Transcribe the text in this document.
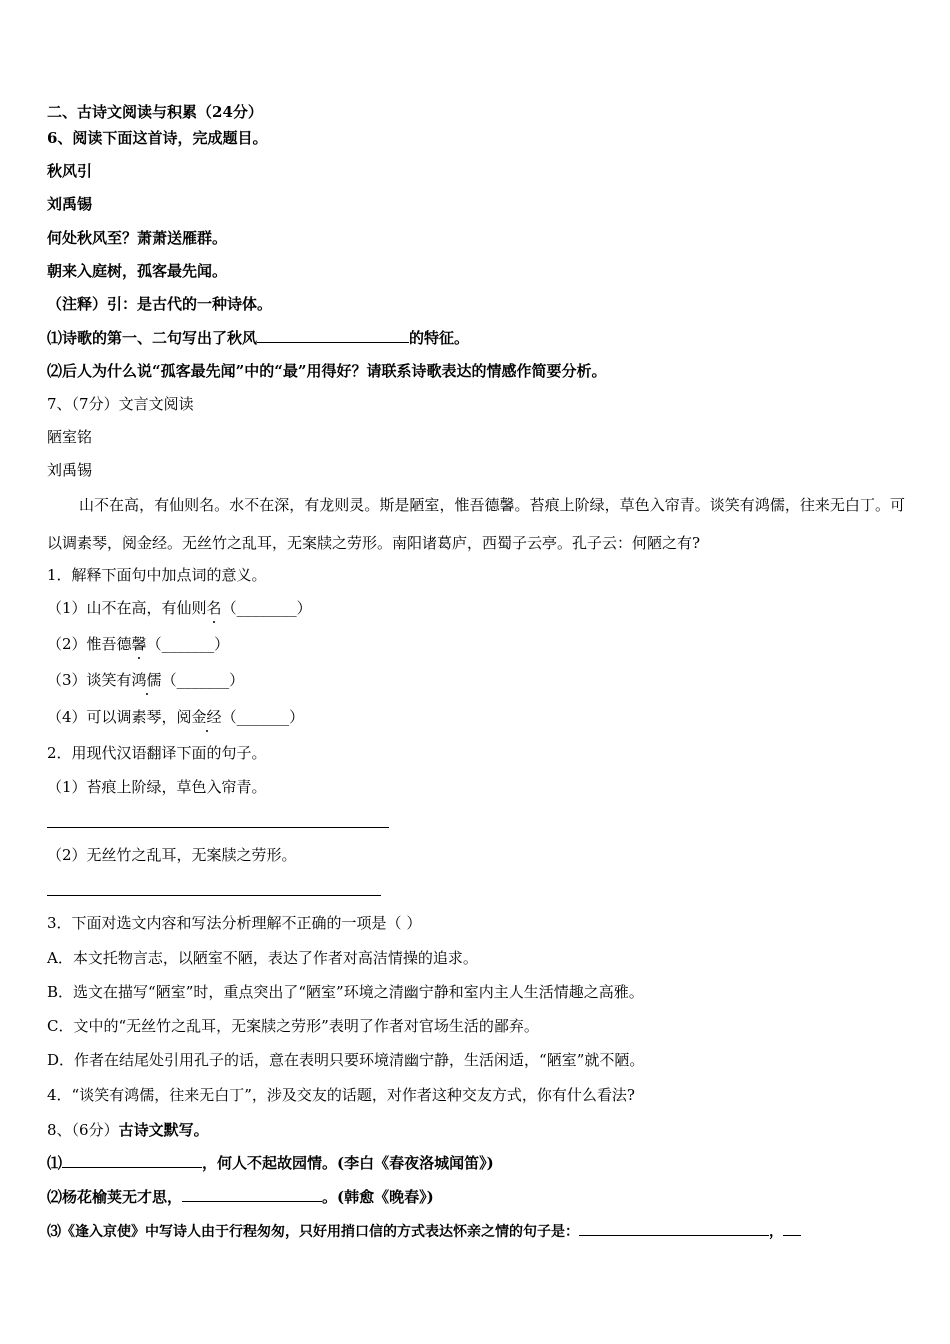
二、古诗文阅读与积累（24分）
6、阅读下面这首诗，完成题目。
秋风引
刘禹锡
何处秋风至？萧萧送雁群。
朝来入庭树，孤客最先闻。
（注释）引：是古代的一种诗体。
⑴诗歌的第一、二句写出了秋风	的特征。
⑵后人为什么说“孤客最先闻”中的“最”用得好？请联系诗歌表达的情感作简要分析。
7、（7分）文言文阅读
陋室铭
刘禹锡
山不在高，有仙则名。水不在深，有龙则灵。斯是陋室，惟吾德馨。苔痕上阶绿，草色入帘青。谈笑有鸿儒，往来无白丁。可以调素琴，阅金经。无丝竹之乱耳，无案牍之劳形。南阳诸葛庐，西蜀子云亭。孔子云：何陋之有?
1．解释下面句中加点词的意义。
（1）山不在高，有仙则名（________）
（2）惟吾德馨（_______）
（3）谈笑有鸿儒（_______）
（4）可以调素琴，阅金经（_______）
2．用现代汉语翻译下面的句子。
（1）苔痕上阶绿，草色入帘青。
（2）无丝竹之乱耳，无案牍之劳形。
3．下面对选文内容和写法分析理解不正确的一项是（ ）
A．本文托物言志，以陋室不陋，表达了作者对高洁情操的追求。
B．选文在描写“陋室”时，重点突出了“陋室”环境之清幽宁静和室内主人生活情趣之高雅。
C．文中的“无丝竹之乱耳，无案牍之劳形”表明了作者对官场生活的鄙弃。
D．作者在结尾处引用孔子的话，意在表明只要环境清幽宁静，生活闲适，“陋室”就不陋。
4．“谈笑有鸿儒，往来无白丁”，涉及交友的话题，对作者这种交友方式，你有什么看法?
8、（6分）古诗文默写。
⑴	，何人不起故园情。(李白《春夜洛城闻笛》)
⑵杨花榆荚无才思，	。(韩愈《晚春》)
⑶《逢入京使》中写诗人由于行程匆匆，只好用捎口信的方式表达怀亲之情的句子是：	，
